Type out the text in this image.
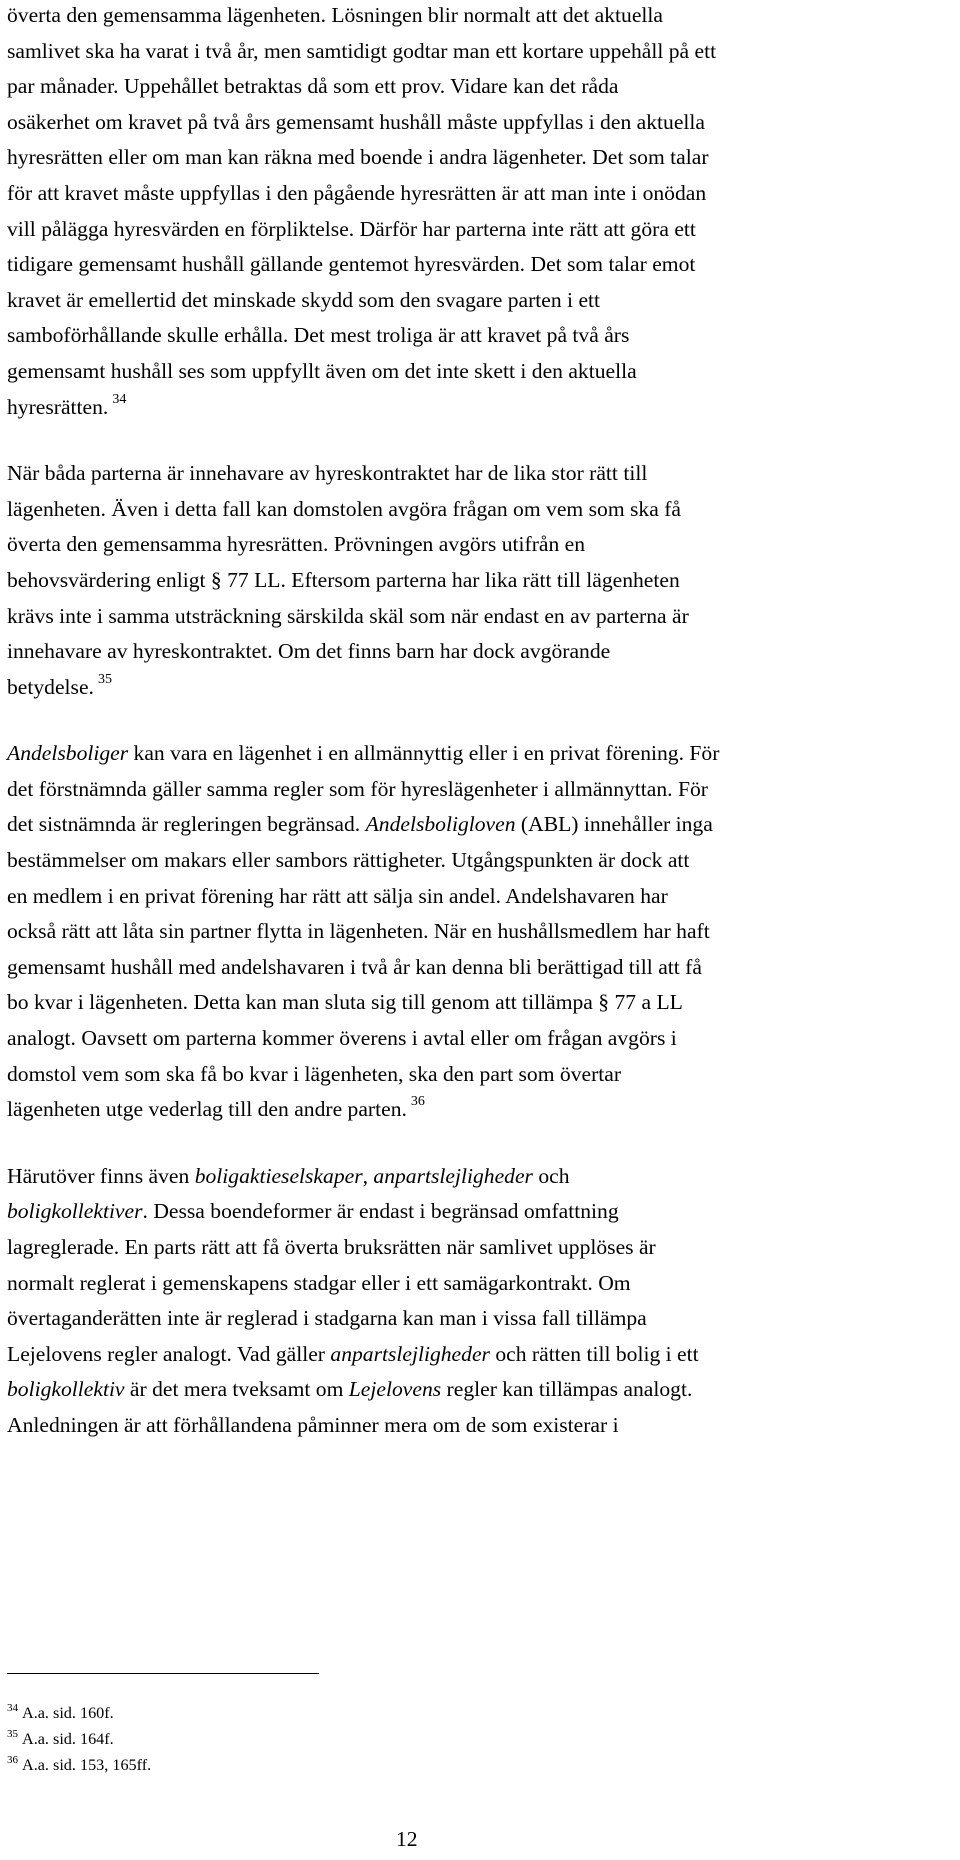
överta den gemensamma lägenheten. Lösningen blir normalt att det aktuella
samlivet ska ha varat i två år, men samtidigt godtar man ett kortare uppehåll på ett
par månader. Uppehållet betraktas då som ett prov. Vidare kan det råda
osäkerhet om kravet på två års gemensamt hushåll måste uppfyllas i den aktuella
hyresrätten eller om man kan räkna med boende i andra lägenheter. Det som talar
för att kravet måste uppfyllas i den pågående hyresrätten är att man inte i onödan
vill pålägga hyresvärden en förpliktelse. Därför har parterna inte rätt att göra ett
tidigare gemensamt hushåll gällande gentemot hyresvärden. Det som talar emot
kravet är emellertid det minskade skydd som den svagare parten i ett
samboförhållande skulle erhålla. Det mest troliga är att kravet på två års
gemensamt hushåll ses som uppfyllt även om det inte skett i den aktuella
hyresrätten. $^{34}$

När båda parterna är innehavare av hyreskontraktet har de lika stor rätt till
lägenheten. Även i detta fall kan domstolen avgöra frågan om vem som ska få
överta den gemensamma hyresrätten. Prövningen avgörs utifrån en
behovsvärdering enligt § 77 LL. Eftersom parterna har lika rätt till lägenheten
krävs inte i samma utsträckning särskilda skäl som när endast en av parterna är
innehavare av hyreskontraktet. Om det finns barn har dock avgörande
betydelse. $^{35}$

Andelsboliger kan vara en lägenhet i en allmännyttig eller i en privat förening. För
det förstnämnda gäller samma regler som för hyreslägenheter i allmännyttan. För
det sistnämnda är regleringen begränsad. Andelsboligloven (ABL) innehåller inga
bestämmelser om makars eller sambors rättigheter. Utgångspunkten är dock att
en medlem i en privat förening har rätt att sälja sin andel. Andelshavaren har
också rätt att låta sin partner flytta in lägenheten. När en hushållsmedlem har haft
gemensamt hushåll med andelshavaren i två år kan denna bli berättigad till att få
bo kvar i lägenheten. Detta kan man sluta sig till genom att tillämpa § 77 a LL
analogt. Oavsett om parterna kommer överens i avtal eller om frågan avgörs i
domstol vem som ska få bo kvar i lägenheten, ska den part som övertar
lägenheten utge vederlag till den andre parten. $^{36}$

Härutöver finns även boligaktieselskaper, anpartslejligheder och
boligkollektiver. Dessa boendeformer är endast i begränsad omfattning
lagreglerade. En parts rätt att få överta bruksrätten när samlivet upplöses är
normalt reglerat i gemenskapens stadgar eller i ett samägarkontrakt. Om
övertaganderätten inte är reglerad i stadgarna kan man i vissa fall tillämpa
Lejelovens regler analogt. Vad gäller anpartslejligheder och rätten till bolig i ett
boligkollektiv är det mera tveksamt om Lejelovens regler kan tillämpas analogt.
Anledningen är att förhållandena påminner mera om de som existerar i

$^{34}$ A.a. sid. 160f.
$^{35}$ A.a. sid. 164f.
$^{36}$ A.a. sid. 153, 165ff.
12
